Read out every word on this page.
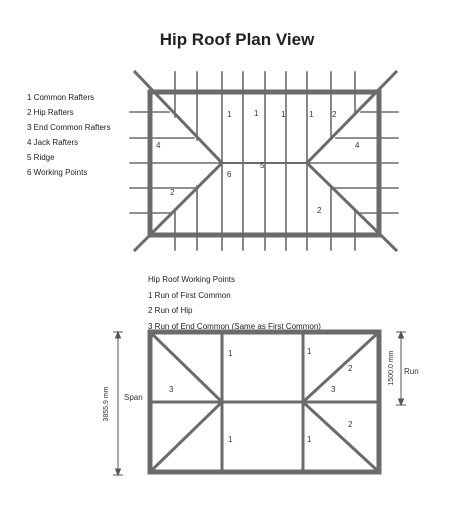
Hip Roof Plan View
1 Common Rafters
2 Hip Rafters
3 End Common Rafters
4 Jack Rafters
5 Ridge
6 Working Points
Hip Roof Working Points
1 Run of First Common
2 Run of Hip
3 Run of End Common (Same as First Common)
1	1	1	1 2
4	4
5
6
2
2
1	1
2
3	3
2
1	1
3855.9 mm Span
1500.0 mm Run
